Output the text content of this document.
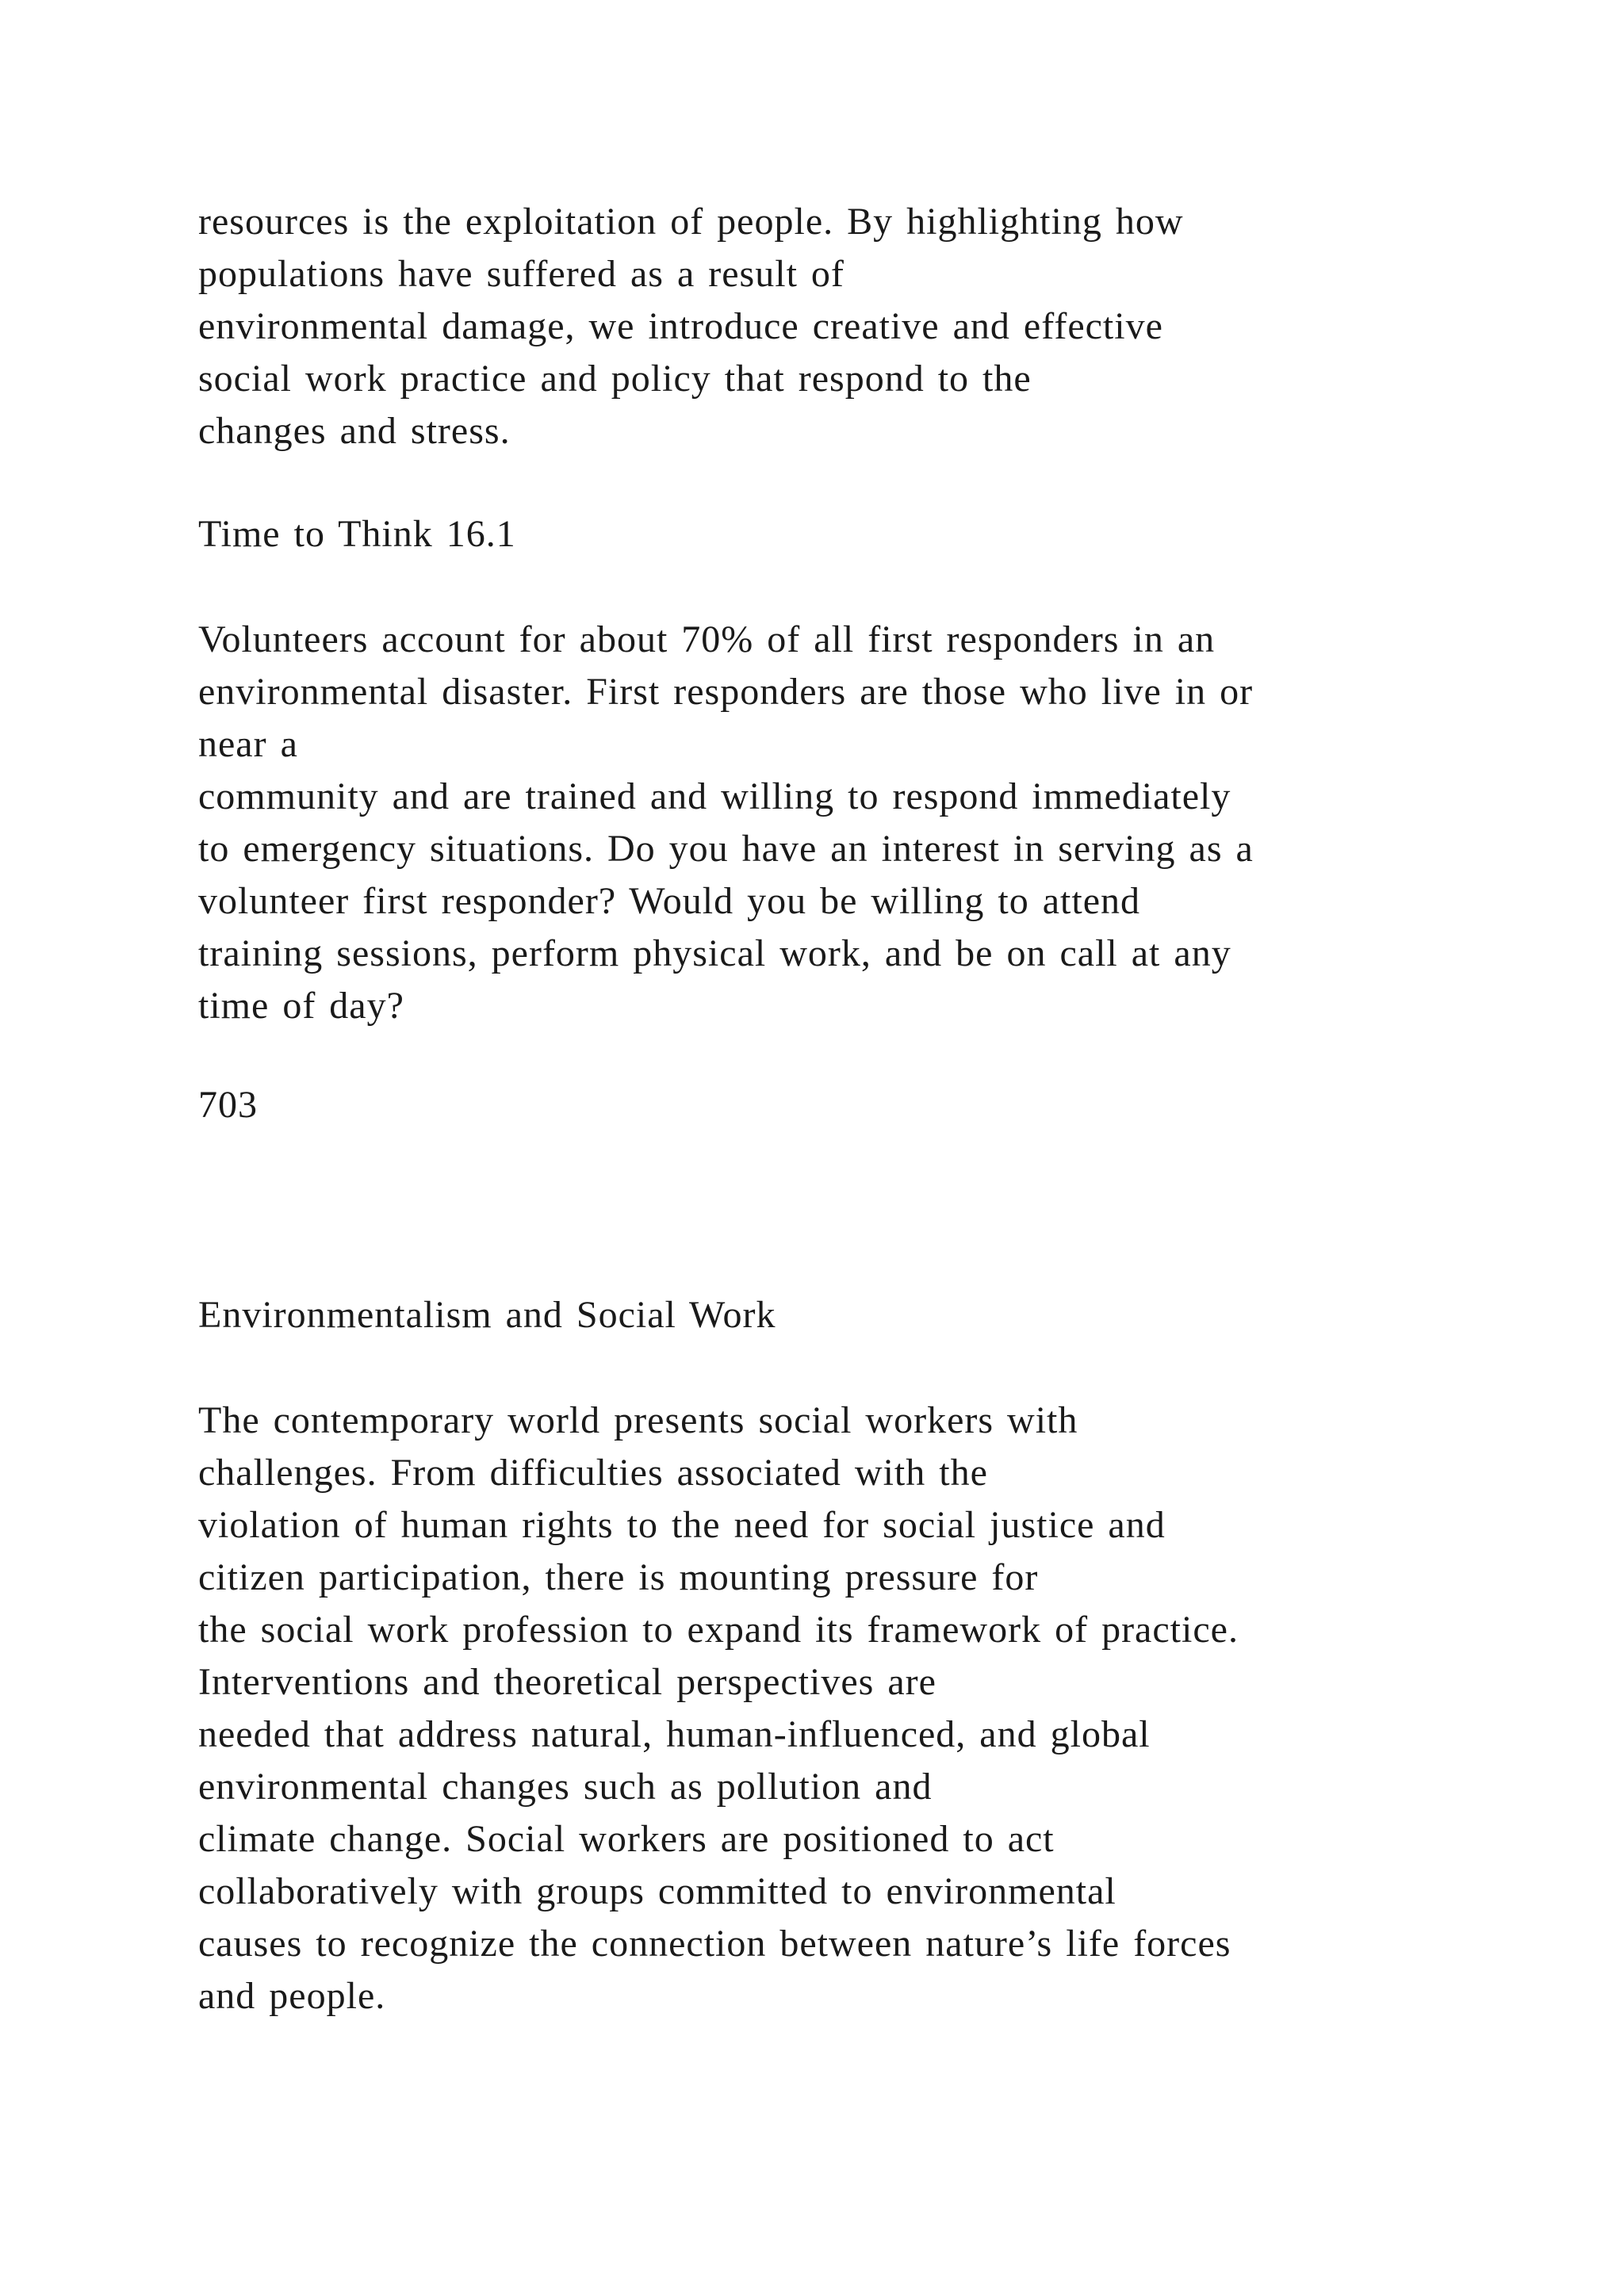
resources is the exploitation of people. By highlighting how
populations have suffered as a result of
environmental damage, we introduce creative and effective
social work practice and policy that respond to the
changes and stress.
Time to Think 16.1
Volunteers account for about 70% of all first responders in an
environmental disaster. First responders are those who live in or
near a
community and are trained and willing to respond immediately
to emergency situations. Do you have an interest in serving as a
volunteer first responder? Would you be willing to attend
training sessions, perform physical work, and be on call at any
time of day?
703
Environmentalism and Social Work
The contemporary world presents social workers with
challenges. From difficulties associated with the
violation of human rights to the need for social justice and
citizen participation, there is mounting pressure for
the social work profession to expand its framework of practice.
Interventions and theoretical perspectives are
needed that address natural, human-influenced, and global
environmental changes such as pollution and
climate change. Social workers are positioned to act
collaboratively with groups committed to environmental
causes to recognize the connection between nature’s life forces
and people.
